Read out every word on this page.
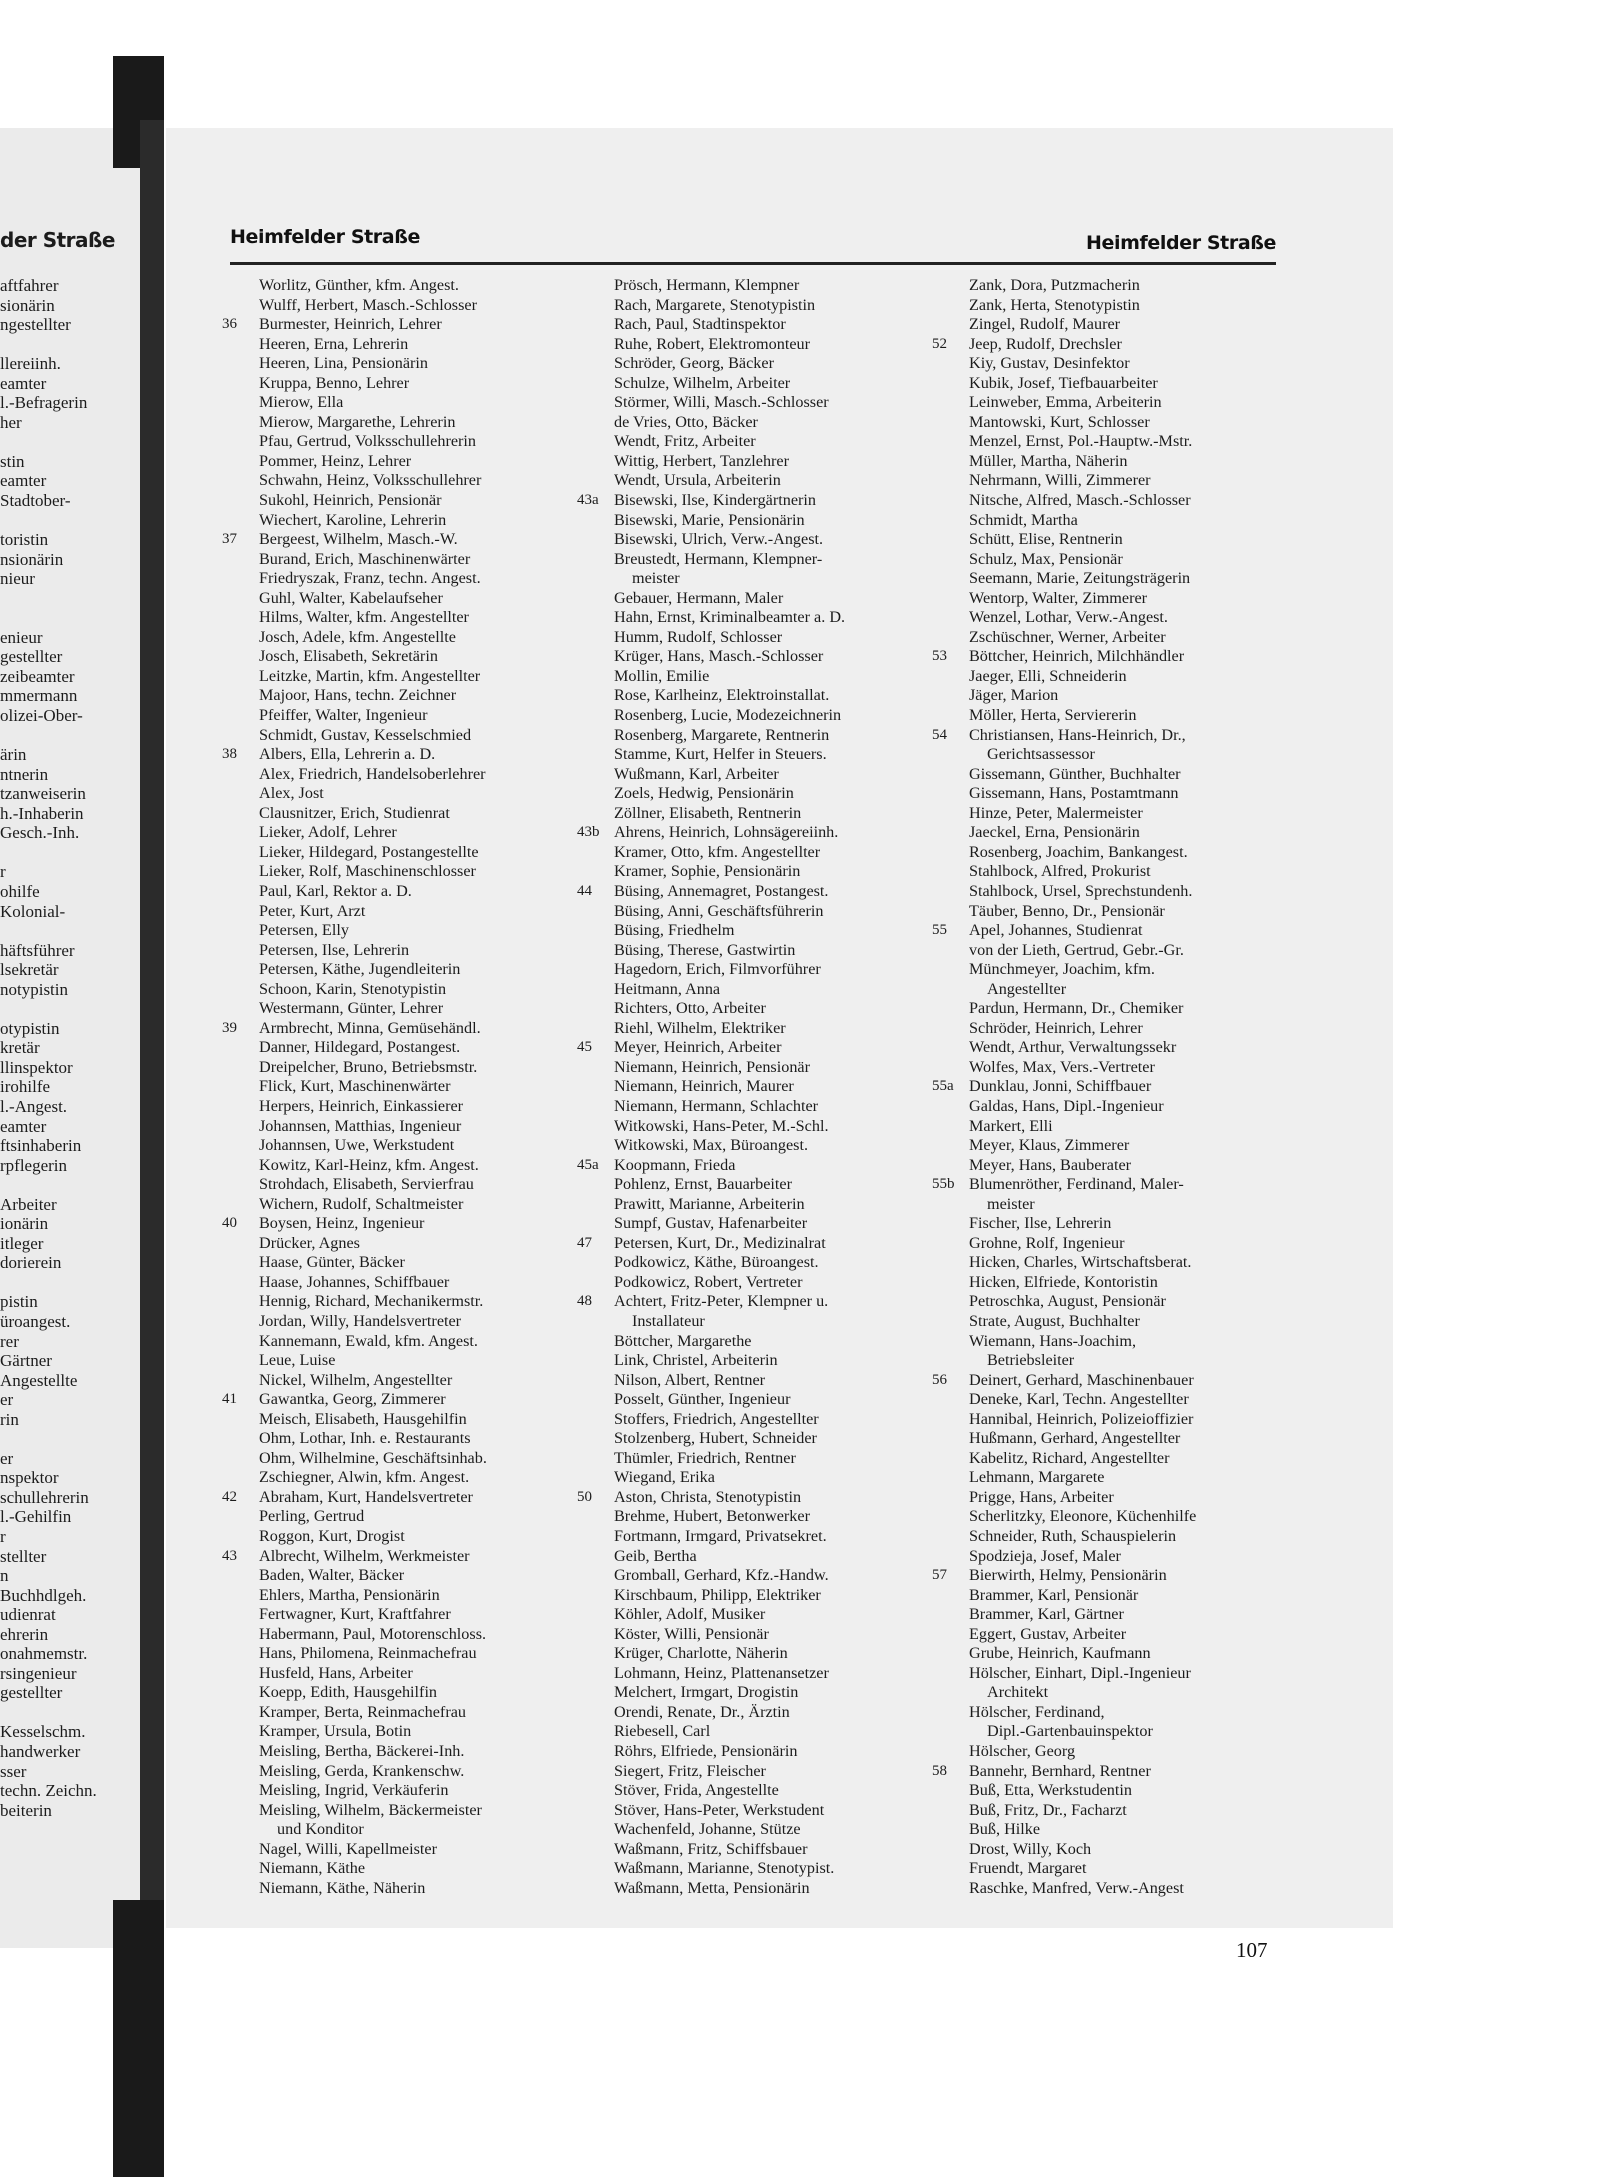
der Straße
aftfahrer
sionärin
ngestellter
llereiinh.
eamter
l.-Befragerin
her
stin
eamter
Stadtober-
toristin
nsionärin
nieur
enieur
gestellter
zeibeamter
mmermann
olizei-Ober-
ärin
ntnerin
tzanweiserin
h.-Inhaberin
Gesch.-Inh.
r
ohilfe
Kolonial-
häftsführer
lsekretär
notypistin
otypistin
kretär
llinspektor
irohilfe
l.-Angest.
eamter
ftsinhaberin
rpflegerin
Arbeiter
ionärin
itleger
dorierein
pistin
üroangest.
rer
Gärtner
Angestellte
er
rin
er
nspektor
schullehrerin
l.-Gehilfin
r
stellter
n
Buchhdlgeh.
udienrat
ehrerin
onahmemstr.
rsingenieur
gestellter
Kesselschm.
handwerker
sser
techn. Zeichn.
beiterin
Heimfelder Straße	Heimfelder Straße
Worlitz, Günther, kfm. Angest.
Wulff, Herbert, Masch.-Schlosser
36	Burmester, Heinrich, Lehrer
Heeren, Erna, Lehrerin
Heeren, Lina, Pensionärin
Kruppa, Benno, Lehrer
Mierow, Ella
Mierow, Margarethe, Lehrerin
Pfau, Gertrud, Volksschullehrerin
Pommer, Heinz, Lehrer
Schwahn, Heinz, Volksschullehrer
Sukohl, Heinrich, Pensionär
Wiechert, Karoline, Lehrerin
37	Bergeest, Wilhelm, Masch.-W.
Burand, Erich, Maschinenwärter
Friedryszak, Franz, techn. Angest.
Guhl, Walter, Kabelaufseher
Hilms, Walter, kfm. Angestellter
Josch, Adele, kfm. Angestellte
Josch, Elisabeth, Sekretärin
Leitzke, Martin, kfm. Angestellter
Majoor, Hans, techn. Zeichner
Pfeiffer, Walter, Ingenieur
Schmidt, Gustav, Kesselschmied
38	Albers, Ella, Lehrerin a. D.
Alex, Friedrich, Handelsoberlehrer
Alex, Jost
Clausnitzer, Erich, Studienrat
Lieker, Adolf, Lehrer
Lieker, Hildegard, Postangestellte
Lieker, Rolf, Maschinenschlosser
Paul, Karl, Rektor a. D.
Peter, Kurt, Arzt
Petersen, Elly
Petersen, Ilse, Lehrerin
Petersen, Käthe, Jugendleiterin
Schoon, Karin, Stenotypistin
Westermann, Günter, Lehrer
39	Armbrecht, Minna, Gemüsehändl.
Danner, Hildegard, Postangest.
Dreipelcher, Bruno, Betriebsmstr.
Flick, Kurt, Maschinenwärter
Herpers, Heinrich, Einkassierer
Johannsen, Matthias, Ingenieur
Johannsen, Uwe, Werkstudent
Kowitz, Karl-Heinz, kfm. Angest.
Strohdach, Elisabeth, Servierfrau
Wichern, Rudolf, Schaltmeister
40	Boysen, Heinz, Ingenieur
Drücker, Agnes
Haase, Günter, Bäcker
Haase, Johannes, Schiffbauer
Hennig, Richard, Mechanikermstr.
Jordan, Willy, Handelsvertreter
Kannemann, Ewald, kfm. Angest.
Leue, Luise
Nickel, Wilhelm, Angestellter
41	Gawantka, Georg, Zimmerer
Meisch, Elisabeth, Hausgehilfin
Ohm, Lothar, Inh. e. Restaurants
Ohm, Wilhelmine, Geschäftsinhab.
Zschiegner, Alwin, kfm. Angest.
42	Abraham, Kurt, Handelsvertreter
Perling, Gertrud
Roggon, Kurt, Drogist
43	Albrecht, Wilhelm, Werkmeister
Baden, Walter, Bäcker
Ehlers, Martha, Pensionärin
Fertwagner, Kurt, Kraftfahrer
Habermann, Paul, Motorenschloss.
Hans, Philomena, Reinmachefrau
Husfeld, Hans, Arbeiter
Koepp, Edith, Hausgehilfin
Kramper, Berta, Reinmachefrau
Kramper, Ursula, Botin
Meisling, Bertha, Bäckerei-Inh.
Meisling, Gerda, Krankenschw.
Meisling, Ingrid, Verkäuferin
Meisling, Wilhelm, Bäckermeister
und Konditor
Nagel, Willi, Kapellmeister
Niemann, Käthe
Niemann, Käthe, Näherin
Prösch, Hermann, Klempner
Rach, Margarete, Stenotypistin
Rach, Paul, Stadtinspektor
Ruhe, Robert, Elektromonteur
Schröder, Georg, Bäcker
Schulze, Wilhelm, Arbeiter
Störmer, Willi, Masch.-Schlosser
de Vries, Otto, Bäcker
Wendt, Fritz, Arbeiter
Wittig, Herbert, Tanzlehrer
Wendt, Ursula, Arbeiterin
43a Bisewski, Ilse, Kindergärtnerin
Bisewski, Marie, Pensionärin
Bisewski, Ulrich, Verw.-Angest.
Breustedt, Hermann, Klempner-
meister
Gebauer, Hermann, Maler
Hahn, Ernst, Kriminalbeamter a. D.
Humm, Rudolf, Schlosser
Krüger, Hans, Masch.-Schlosser
Mollin, Emilie
Rose, Karlheinz, Elektroinstallat.
Rosenberg, Lucie, Modezeichnerin
Rosenberg, Margarete, Rentnerin
Stamme, Kurt, Helfer in Steuers.
Wußmann, Karl, Arbeiter
Zoels, Hedwig, Pensionärin
Zöllner, Elisabeth, Rentnerin
43b Ahrens, Heinrich, Lohnsägereiinh.
Kramer, Otto, kfm. Angestellter
Kramer, Sophie, Pensionärin
44	Büsing, Annemagret, Postangest.
Büsing, Anni, Geschäftsführerin
Büsing, Friedhelm
Büsing, Therese, Gastwirtin
Hagedorn, Erich, Filmvorführer
Heitmann, Anna
Richters, Otto, Arbeiter
Riehl, Wilhelm, Elektriker
45	Meyer, Heinrich, Arbeiter
Niemann, Heinrich, Pensionär
Niemann, Heinrich, Maurer
Niemann, Hermann, Schlachter
Witkowski, Hans-Peter, M.-Schl.
Witkowski, Max, Büroangest.
45a Koopmann, Frieda
Pohlenz, Ernst, Bauarbeiter
Prawitt, Marianne, Arbeiterin
Sumpf, Gustav, Hafenarbeiter
47	Petersen, Kurt, Dr., Medizinalrat
Podkowicz, Käthe, Büroangest.
Podkowicz, Robert, Vertreter
48	Achtert, Fritz-Peter, Klempner u.
Installateur
Böttcher, Margarethe
Link, Christel, Arbeiterin
Nilson, Albert, Rentner
Posselt, Günther, Ingenieur
Stoffers, Friedrich, Angestellter
Stolzenberg, Hubert, Schneider
Thümler, Friedrich, Rentner
Wiegand, Erika
50	Aston, Christa, Stenotypistin
Brehme, Hubert, Betonwerker
Fortmann, Irmgard, Privatsekret.
Geib, Bertha
Gromball, Gerhard, Kfz.-Handw.
Kirschbaum, Philipp, Elektriker
Köhler, Adolf, Musiker
Köster, Willi, Pensionär
Krüger, Charlotte, Näherin
Lohmann, Heinz, Plattenansetzer
Melchert, Irmgart, Drogistin
Orendi, Renate, Dr., Ärztin
Riebesell, Carl
Röhrs, Elfriede, Pensionärin
Siegert, Fritz, Fleischer
Stöver, Frida, Angestellte
Stöver, Hans-Peter, Werkstudent
Wachenfeld, Johanne, Stütze
Waßmann, Fritz, Schiffsbauer
Waßmann, Marianne, Stenotypist.
Waßmann, Metta, Pensionärin
Zank, Dora, Putzmacherin
Zank, Herta, Stenotypistin
Zingel, Rudolf, Maurer
52	Jeep, Rudolf, Drechsler
Kiy, Gustav, Desinfektor
Kubik, Josef, Tiefbauarbeiter
Leinweber, Emma, Arbeiterin
Mantowski, Kurt, Schlosser
Menzel, Ernst, Pol.-Hauptw.-Mstr.
Müller, Martha, Näherin
Nehrmann, Willi, Zimmerer
Nitsche, Alfred, Masch.-Schlosser
Schmidt, Martha
Schütt, Elise, Rentnerin
Schulz, Max, Pensionär
Seemann, Marie, Zeitungsträgerin
Wentorp, Walter, Zimmerer
Wenzel, Lothar, Verw.-Angest.
Zschüschner, Werner, Arbeiter
53	Böttcher, Heinrich, Milchhändler
Jaeger, Elli, Schneiderin
Jäger, Marion
Möller, Herta, Serviererin
54	Christiansen, Hans-Heinrich, Dr.,
Gerichtsassessor
Gissemann, Günther, Buchhalter
Gissemann, Hans, Postamtmann
Hinze, Peter, Malermeister
Jaeckel, Erna, Pensionärin
Rosenberg, Joachim, Bankangest.
Stahlbock, Alfred, Prokurist
Stahlbock, Ursel, Sprechstundenh.
Täuber, Benno, Dr., Pensionär
55	Apel, Johannes, Studienrat
von der Lieth, Gertrud, Gebr.-Gr.
Münchmeyer, Joachim, kfm.
Angestellter
Pardun, Hermann, Dr., Chemiker
Schröder, Heinrich, Lehrer
Wendt, Arthur, Verwaltungssekr
Wolfes, Max, Vers.-Vertreter
55a Dunklau, Jonni, Schiffbauer
Galdas, Hans, Dipl.-Ingenieur
Markert, Elli
Meyer, Klaus, Zimmerer
Meyer, Hans, Bauberater
55b Blumenröther, Ferdinand, Maler-
meister
Fischer, Ilse, Lehrerin
Grohne, Rolf, Ingenieur
Hicken, Charles, Wirtschaftsberat.
Hicken, Elfriede, Kontoristin
Petroschka, August, Pensionär
Strate, August, Buchhalter
Wiemann, Hans-Joachim,
Betriebsleiter
56	Deinert, Gerhard, Maschinenbauer
Deneke, Karl, Techn. Angestellter
Hannibal, Heinrich, Polizeioffizier
Hußmann, Gerhard, Angestellter
Kabelitz, Richard, Angestellter
Lehmann, Margarete
Prigge, Hans, Arbeiter
Scherlitzky, Eleonore, Küchenhilfe
Schneider, Ruth, Schauspielerin
Spodzieja, Josef, Maler
57	Bierwirth, Helmy, Pensionärin
Brammer, Karl, Pensionär
Brammer, Karl, Gärtner
Eggert, Gustav, Arbeiter
Grube, Heinrich, Kaufmann
Hölscher, Einhart, Dipl.-Ingenieur
Architekt
Hölscher, Ferdinand,
Dipl.-Gartenbauinspektor
Hölscher, Georg
58	Bannehr, Bernhard, Rentner
Buß, Etta, Werkstudentin
Buß, Fritz, Dr., Facharzt
Buß, Hilke
Drost, Willy, Koch
Fruendt, Margaret
Raschke, Manfred, Verw.-Angest
107
